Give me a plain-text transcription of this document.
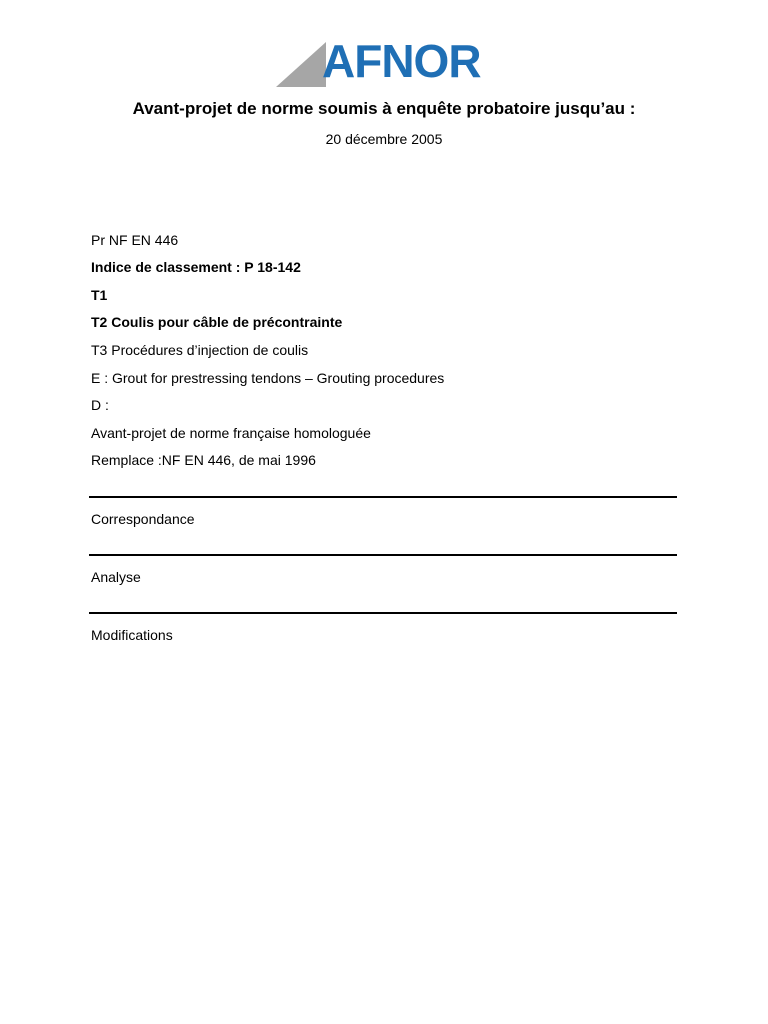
AFNOR
Avant-projet de norme soumis à enquête probatoire jusqu’au :
20 décembre 2005
Pr NF EN 446
Indice de classement : P 18-142
T1
T2 Coulis pour câble de précontrainte
T3 Procédures d’injection de coulis
E : Grout for prestressing tendons – Grouting procedures
D :
Avant-projet de norme française homologuée
Remplace :NF EN 446, de mai 1996
Correspondance
Analyse
Modifications
